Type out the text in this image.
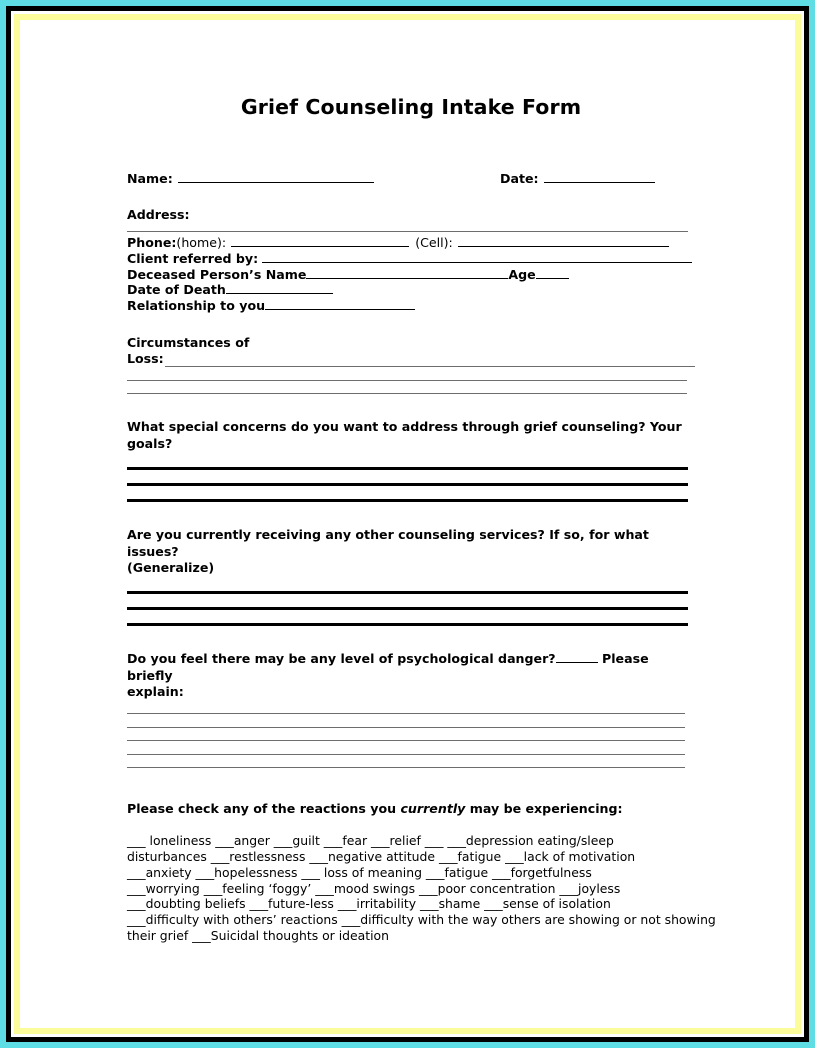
Grief Counseling Intake Form
Name:	Date:
Address:
Phone:(home):	(Cell):
Client referred by:
Deceased Person’s Name	Age
Date of Death
Relationship to you
Circumstances of
Loss:
What special concerns do you want to address through grief counseling? Your goals?
Are you currently receiving any other counseling services? If so, for what issues?
(Generalize)
Do you feel there may be any level of psychological danger?	Please briefly
explain:
Please check any of the reactions you currently may be experiencing:
___ loneliness ___anger ___guilt ___fear ___relief ___ ___depression eating/sleep
disturbances ___restlessness ___negative attitude ___fatigue ___lack of motivation
___anxiety ___hopelessness ___ loss of meaning ___fatigue ___forgetfulness
___worrying ___feeling ‘foggy’ ___mood swings ___poor concentration ___joyless
___doubting beliefs ___future-less ___irritability ___shame ___sense of isolation
___difficulty with others’ reactions ___difficulty with the way others are showing or not showing
their grief ___Suicidal thoughts or ideation
